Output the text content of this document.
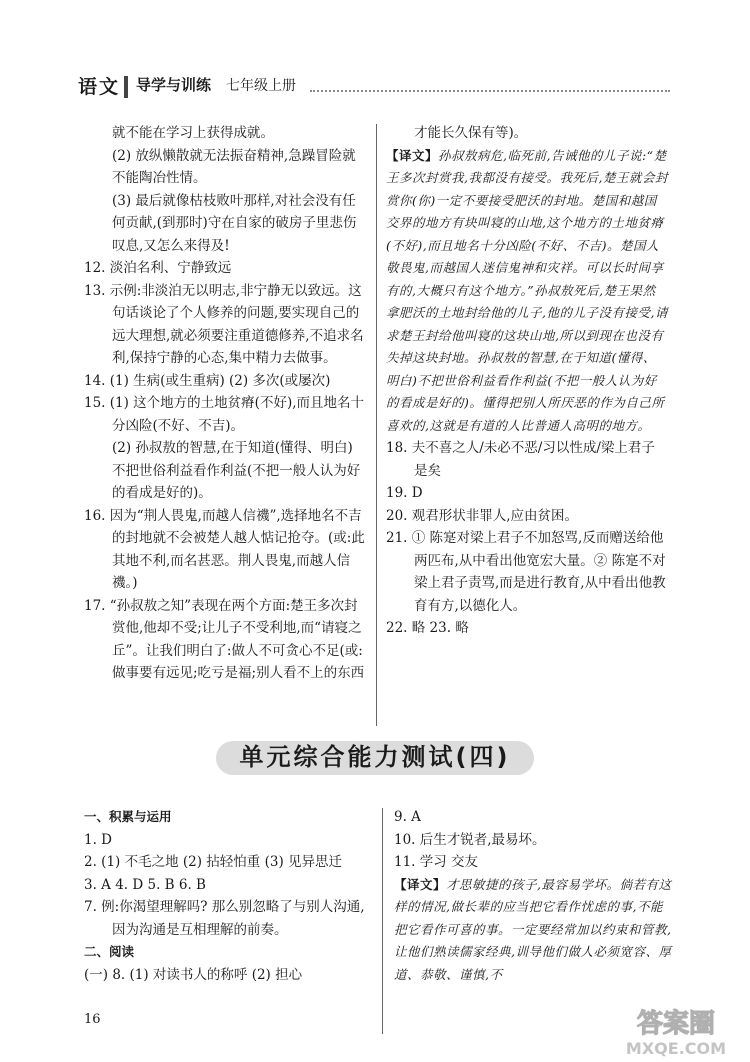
语文 导学与训练 七年级上册

就不能在学习上获得成就。

(2) 放纵懒散就无法振奋精神,急躁冒险就不能陶冶性情。

(3) 最后就像枯枝败叶那样,对社会没有任何贡献,(到那时)守在自家的破房子里悲伤叹息,又怎么来得及!

12. 淡泊名利、宁静致远

13. 示例:非淡泊无以明志,非宁静无以致远。这句话谈论了个人修养的问题,要实现自己的远大理想,就必须要注重道德修养,不追求名利,保持宁静的心态,集中精力去做事。

14. (1) 生病(或生重病) (2) 多次(或屡次)

15. (1) 这个地方的土地贫瘠(不好),而且地名十分凶险(不好、不吉)。

(2) 孙叔敖的智慧,在于知道(懂得、明白)不把世俗利益看作利益(不把一般人认为好的看成是好的)。

16. 因为“荆人畏鬼,而越人信禨”,选择地名不吉的封地就不会被楚人越人惦记抢夺。(或:此其地不利,而名甚恶。荆人畏鬼,而越人信禨。)

17. “孙叔敖之知”表现在两个方面:楚王多次封赏他,他却不受;让儿子不受利地,而“请寝之丘”。让我们明白了:做人不可贪心不足(或:做事要有远见;吃亏是福;别人看不上的东西

才能长久保有等)。

【译文】孙叔敖病危,临死前,告诫他的儿子说:“楚王多次封赏我,我都没有接受。我死后,楚王就会封赏你(你)一定不要接受肥沃的封地。楚国和越国交界的地方有块叫寝的山地,这个地方的土地贫瘠(不好),而且地名十分凶险(不好、不吉)。楚国人敬畏鬼,而越国人迷信鬼神和灾祥。可以长时间享有的,大概只有这个地方。”孙叔敖死后,楚王果然拿肥沃的土地封给他的儿子,他的儿子没有接受,请求楚王封给他叫寝的这块山地,所以到现在也没有失掉这块封地。孙叔敖的智慧,在于知道(懂得、明白)不把世俗利益看作利益(不把一般人认为好的看成是好的)。懂得把别人所厌恶的作为自己所喜欢的,这就是有道的人比普通人高明的地方。

18. 夫不喜之人/未必不恶/习以性成/梁上君子是矣

19. D

20. 观君形状非罪人,应由贫困。

21. ① 陈寔对梁上君子不加怒骂,反而赠送给他两匹布,从中看出他宽宏大量。② 陈寔不对梁上君子责骂,而是进行教育,从中看出他教育有方,以德化人。

22. 略 23. 略

单元综合能力测试(四)

一、积累与运用

1. D

2. (1) 不毛之地 (2) 拈轻怕重 (3) 见异思迁

3. A 4. D 5. B 6. B

7. 例:你渴望理解吗? 那么别忽略了与别人沟通,因为沟通是互相理解的前奏。

二、阅读

(一) 8. (1) 对读书人的称呼 (2) 担心

9. A

10. 后生才锐者,最易坏。

11. 学习 交友

【译文】才思敏捷的孩子,最容易学坏。倘若有这样的情况,做长辈的应当把它看作忧虑的事,不能把它看作可喜的事。一定要经常加以约束和管教,让他们熟读儒家经典,训导他们做人必须宽容、厚道、恭敬、谨慎,不

16	答案圈
MXQE.COM
